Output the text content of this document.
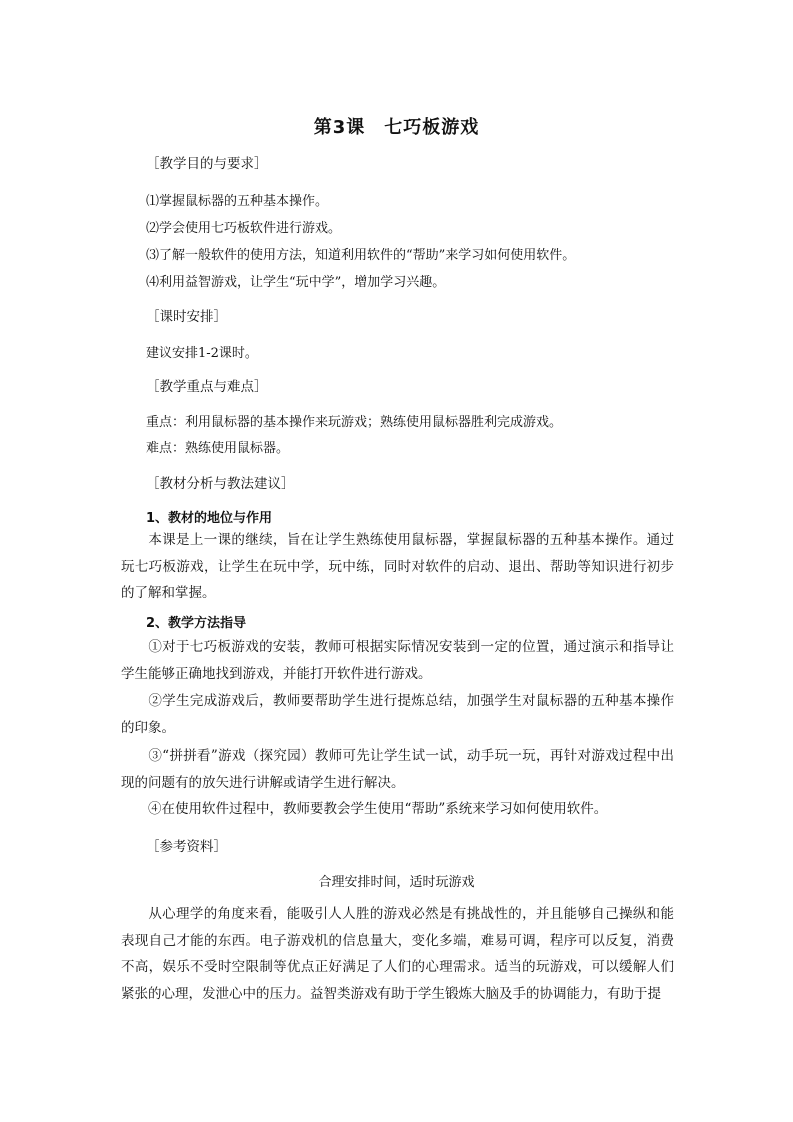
第3课　七巧板游戏
［教学目的与要求］
⑴掌握鼠标器的五种基本操作。
⑵学会使用七巧板软件进行游戏。
⑶了解一般软件的使用方法，知道利用软件的“帮助”来学习如何使用软件。
⑷利用益智游戏，让学生“玩中学”，增加学习兴趣。
［课时安排］
建议安排1-2课时。
［教学重点与难点］
重点：利用鼠标器的基本操作来玩游戏；熟练使用鼠标器胜利完成游戏。
难点：熟练使用鼠标器。
［教材分析与教法建议］
1、教材的地位与作用
本课是上一课的继续，旨在让学生熟练使用鼠标器，掌握鼠标器的五种基本操作。通过玩七巧板游戏，让学生在玩中学，玩中练，同时对软件的启动、退出、帮助等知识进行初步的了解和掌握。
2、教学方法指导
①对于七巧板游戏的安装，教师可根据实际情况安装到一定的位置，通过演示和指导让学生能够正确地找到游戏，并能打开软件进行游戏。
②学生完成游戏后，教师要帮助学生进行提炼总结，加强学生对鼠标器的五种基本操作的印象。
③“拼拼看”游戏（探究园）教师可先让学生试一试，动手玩一玩，再针对游戏过程中出现的问题有的放矢进行讲解或请学生进行解决。
④在使用软件过程中，教师要教会学生使用“帮助”系统来学习如何使用软件。
［参考资料］
合理安排时间，适时玩游戏
从心理学的角度来看，能吸引人人胜的游戏必然是有挑战性的，并且能够自己操纵和能表现自己才能的东西。电子游戏机的信息量大，变化多端，难易可调，程序可以反复，消费不高，娱乐不受时空限制等优点正好满足了人们的心理需求。适当的玩游戏，可以缓解人们紧张的心理，发泄心中的压力。益智类游戏有助于学生锻炼大脑及手的协调能力，有助于提
